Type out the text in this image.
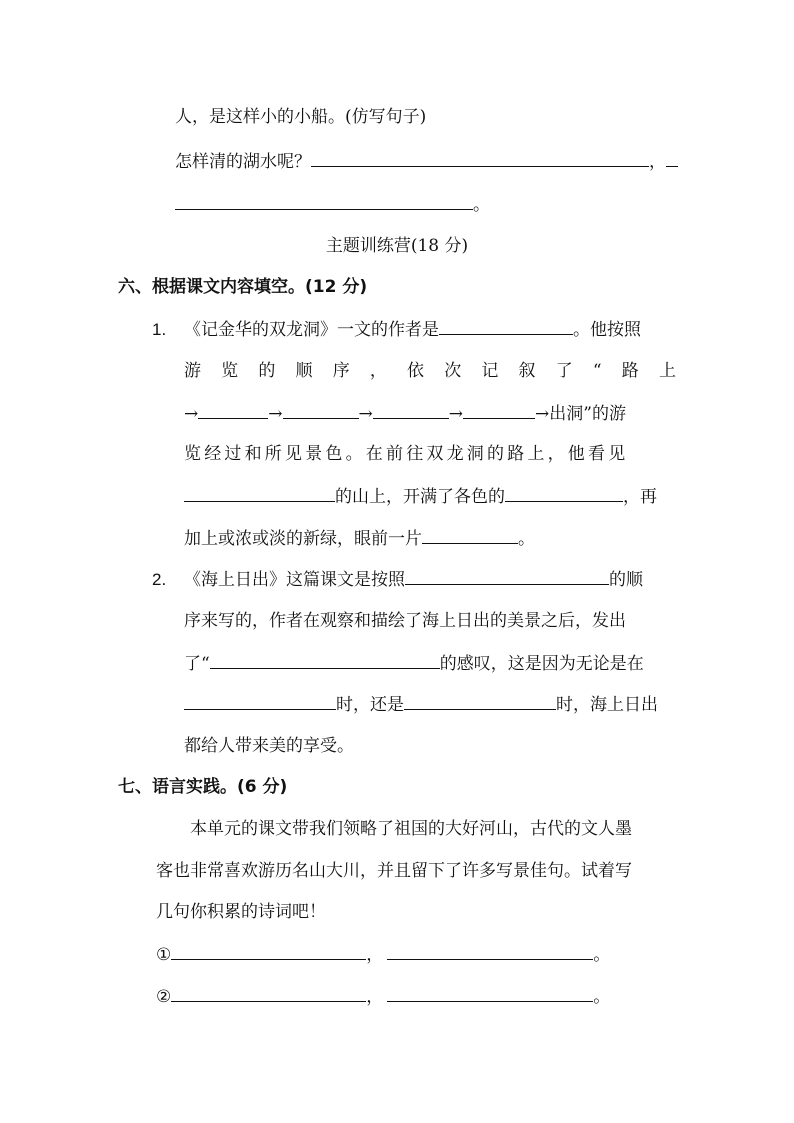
人，是这样小的小船。(仿写句子)
怎样清的湖水呢？	，
。
主题训练营(18 分)
六、根据课文内容填空。(12 分)
1. 《记金华的双龙洞》一文的作者是	。他按照
游 览 的 顺 序 ， 依 次 记 叙 了 “ 路 上
→	→	→	→	→出洞”的游
览经过和所见景色。在前往双龙洞的路上，他看见
的山上，开满了各色的	，再
加上或浓或淡的新绿，眼前一片	。
2. 《海上日出》这篇课文是按照	的顺
序来写的，作者在观察和描绘了海上日出的美景之后，发出
了“	的感叹，这是因为无论是在
时，还是	时，海上日出
都给人带来美的享受。
七、语言实践。(6 分)
本单元的课文带我们领略了祖国的大好河山，古代的文人墨
客也非常喜欢游历名山大川，并且留下了许多写景佳句。试着写
几句你积累的诗词吧！
①	，	。
②	，	。
